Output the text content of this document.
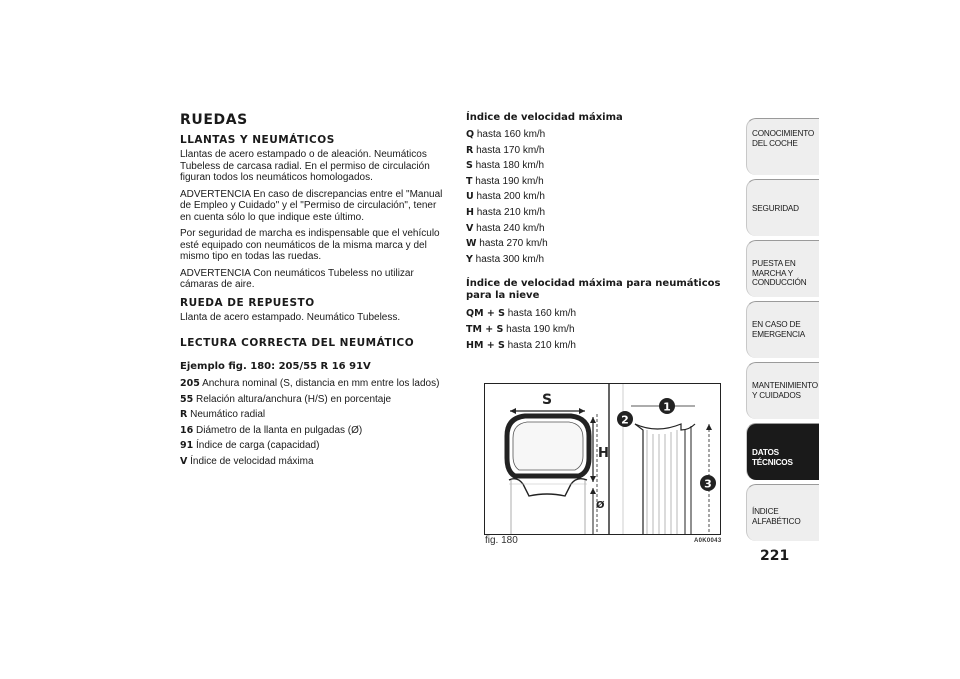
RUEDAS
LLANTAS Y NEUMÁTICOS

Llantas de acero estampado o de aleación. Neumáticos Tubeless de carcasa radial. En el permiso de circulación figuran todos los neumáticos homologados.

ADVERTENCIA En caso de discrepancias entre el "Manual de Empleo y Cuidado" y el "Permiso de circulación", tener en cuenta sólo lo que indique este último.

Por seguridad de marcha es indispensable que el vehículo esté equipado con neumáticos de la misma marca y del mismo tipo en todas las ruedas.

ADVERTENCIA Con neumáticos Tubeless no utilizar cámaras de aire.

RUEDA DE REPUESTO

Llanta de acero estampado. Neumático Tubeless.

LECTURA CORRECTA DEL NEUMÁTICO
Ejemplo fig. 180: 205/55 R 16 91V
205 Anchura nominal (S, distancia en mm entre los lados)
55 Relación altura/anchura (H/S) en porcentaje
R Neumático radial
16 Diámetro de la llanta en pulgadas (Ø)
91 Índice de carga (capacidad)
V Índice de velocidad máxima
Índice de velocidad máxima
Q hasta 160 km/h
R hasta 170 km/h
S hasta 180 km/h
T hasta 190 km/h
U hasta 200 km/h
H hasta 210 km/h
V hasta 240 km/h
W hasta 270 km/h
Y hasta 300 km/h
Índice de velocidad máxima para neumáticos para la nieve
QM + S hasta 160 km/h
TM + S hasta 190 km/h
HM + S hasta 210 km/h
S
H
Ø
1
2
3
fig. 180	A0K0043
CONOCIMIENTO DEL COCHE
SEGURIDAD
PUESTA EN MARCHA Y CONDUCCIÓN
EN CASO DE EMERGENCIA
MANTENIMIENTO Y CUIDADOS
DATOS TÉCNICOS
ÍNDICE ALFABÉTICO
221
